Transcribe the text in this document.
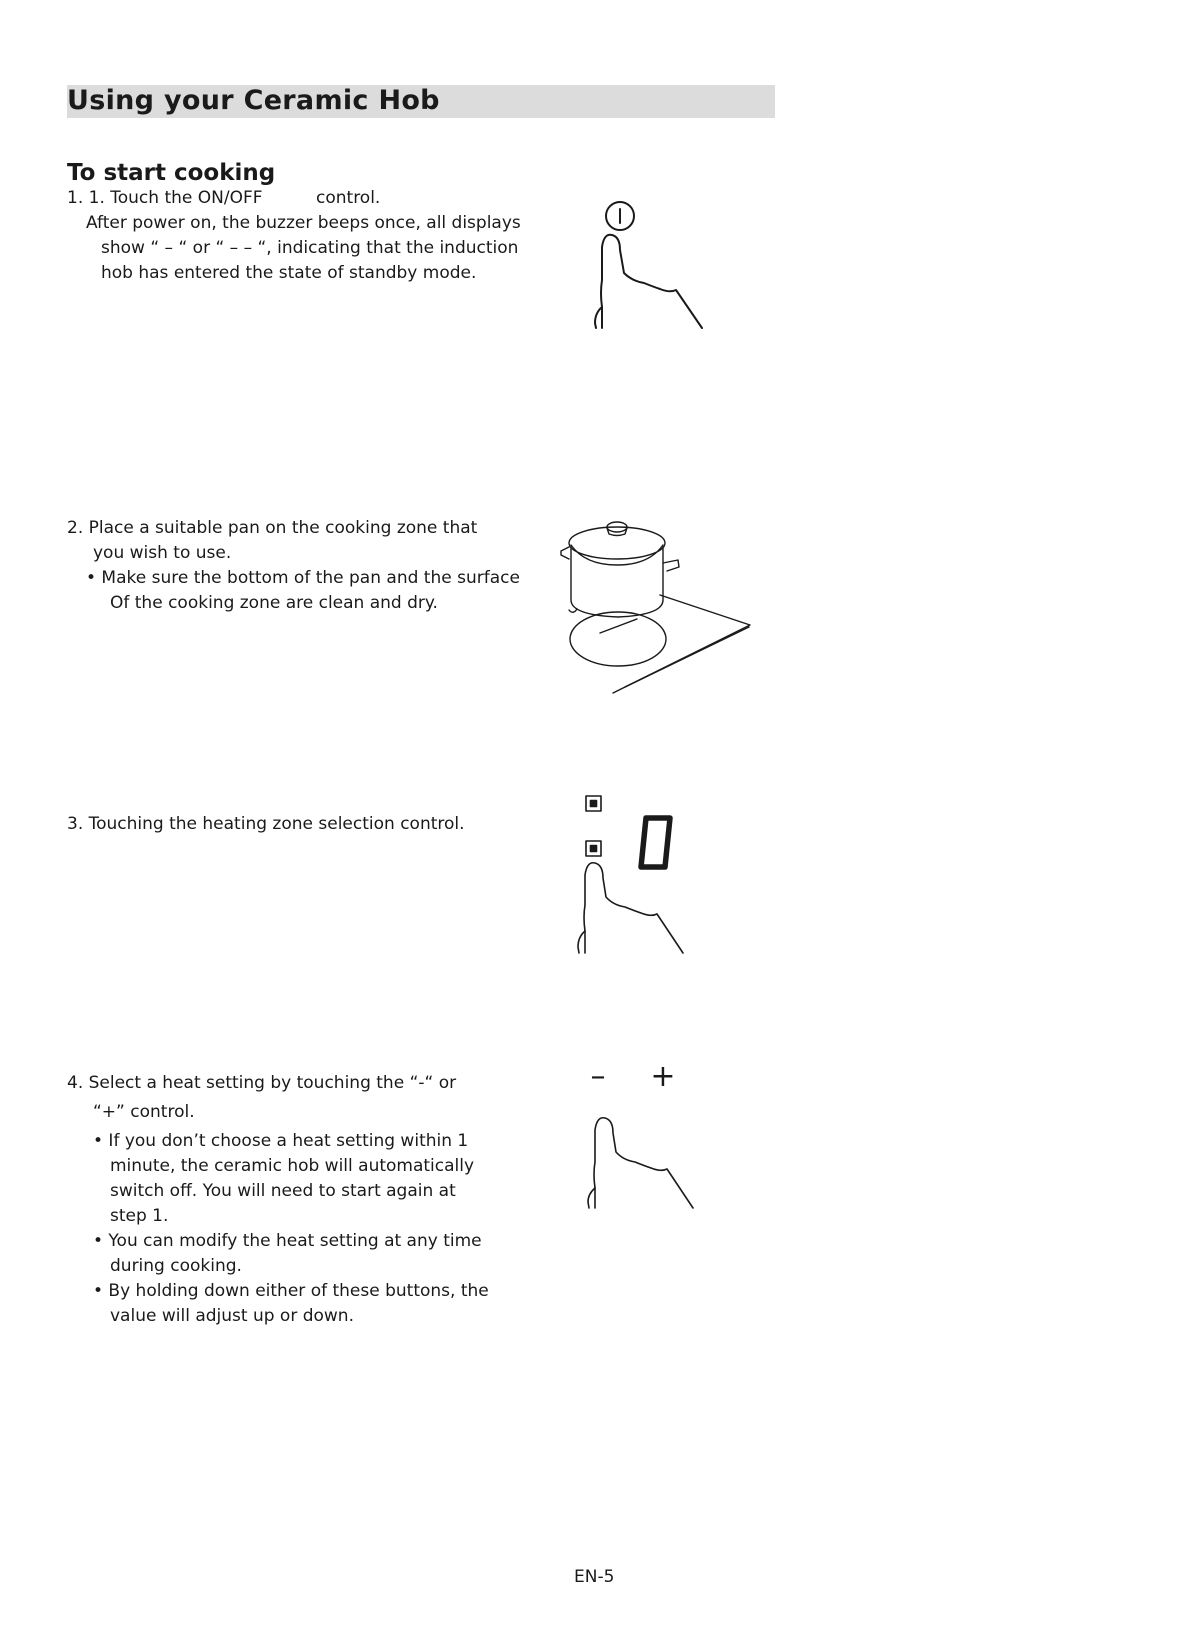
Using your Ceramic Hob
To start cooking

1. 1. Touch the ON/OFF	control.

After power on, the buzzer beeps once, all displays

show “ – “ or “ – – “, indicating that the induction

hob has entered the state of standby mode.

2. Place a suitable pan on the cooking zone that

you wish to use.

• Make sure the bottom of the pan and the surface

Of the cooking zone are clean and dry.

3. Touching the heating zone selection control.

0

4. Select a heat setting by touching the “-“ or

“+” control.

• If you don’t choose a heat setting within 1

minute, the ceramic hob will automatically

switch off. You will need to start again at

step 1.

• You can modify the heat setting at any time

during cooking.

• By holding down either of these buttons, the

value will adjust up or down.

– +
EN-5
